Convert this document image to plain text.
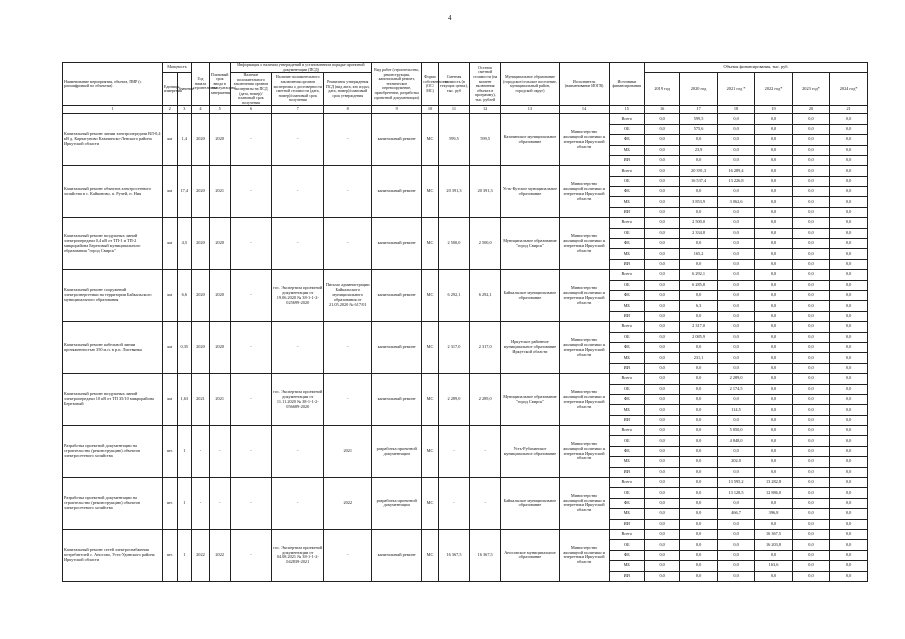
4
Наименование мероприятия, объекта, ПИР (с расшифровкой по объектам)	Мощность		Год начала строительства	Плановый срок ввода в эксплуатацию/завершения	Информация о наличии утверждений и установленном порядке проектной документации (ПСД)			Вид работ (строительство, реконструкция, капитальный ремонт, техническое перевооружение, приобретение, разработка проектной документации)	Форма собственности (ОС/МС)	Сметная стоимость (в текущих ценах), тыс. руб	Остаток сметной стоимости (на момент включения объекта в программу), тыс. рублей	Муниципальное образование (городское/сельское поселение, муниципальный район, городской округ)	Исполнитель (наименование ИОГВ)	Источники финансирования	Объемы финансирования, тыс. руб.					
	Единица измерения	Значение			Наличие положительного заключения органов экспертизы на ПСД (дата, номер)/плановый срок получения	Наличие положительного заключения органов экспертизы о достоверности сметной стоимости (дата, номер)/плановый срок получения	Реквизиты утверждения ПСД (вид акта, кто издал, дата, номер)/плановый срок утверждения								2019 год	2020 год	2021 год *	2022 год*	2023 год*	2024 год*

1	2	3	4	5	6	7	8	9	10	11	12	13	14	15	16	17	18	19	20	21
Капитальный ремонт линии электропередачи ВЛ-0,4 кВ д. Карчагуново Казачинско-Ленского района Иркутской области	км	1,4	2020	2020	-	-	-	капитальный ремонт	МС	599,5	599,5	Казачинское муниципальное образование	Министерство жилищной политики и энергетики Иркутской области	Всего	0,0	599,5	0,0	0,0	0,0	0,0
														ОБ	0,0	575,6	0,0	0,0	0,0	0,0
														ФБ	0,0	0,0	0,0	0,0	0,0	0,0
														МБ	0,0	23,9	0,0	0,0	0,0	0,0
														ИИ	0,0	0,0	0,0	0,0	0,0	0,0
Капитальный ремонт объектов электросетевого хозяйства в с. Кайконово, п. Ручей, п. Ния	км	17,4	2020	2021	-	-	-	капитальный ремонт	МС	20 391,3	20 391,3	Усть-Кутское муниципальное образование	Министерство жилищной политики и энергетики Иркутской области	Всего	0,0	20 391,3	16 289,4	0,0	0,0	0,0
														ОБ	0,0	16 537,4	13 226,8	0,0	0,0	0,0
														ФБ	0,0	0,0	0,0	0,0	0,0	0,0
														МБ	0,0	3 853,9	3 062,6	0,0	0,0	0,0
														ИИ	0,0	0,0	0,0	0,0	0,0	0,0
Капитальный ремонт воздушных линий электропередачи 0,4 кВ от ТП-1 и ТП-2 микрорайона Березовый муниципального образования "город Свирск"	км	4,5	2020	2020	-	-	-	капитальный ремонт	МС	2 500,0	2 500,0	Муниципальное образование "город Свирск"	Министерство жилищной политики и энергетики Иркутской области	Всего	0,0	2 500,0	0,0	0,0	0,0	0,0
														ОБ	0,0	2 334,8	0,0	0,0	0,0	0,0
														ФБ	0,0	0,0	0,0	0,0	0,0	0,0
														МБ	0,0	165,2	0,0	0,0	0,0	0,0
														ИИ	0,0	0,0	0,0	0,0	0,0	0,0
Капитальный ремонт сооружений электроэнергетики на территории Байкальского муниципального образования	км	6,6	2020	2020	-	гос. Экспертиза проектной документации от 19.06.2020 № 38-1-1-2-025699-2020	Письмо администрации Байкальского муниципального образования от 21.05.2020 № 617/01	капитальный ремонт	МС	6 292,1	6 292,1	Байкальское муниципальное образование	Министерство жилищной политики и энергетики Иркутской области	Всего	0,0	6 292,1	0,0	0,0	0,0	0,0
														ОБ	0,0	6 285,8	0,0	0,0	0,0	0,0
														ФБ	0,0	0,0	0,0	0,0	0,0	0,0
														МБ	0,0	6,3	0,0	0,0	0,0	0,0
														ИИ	0,0	0,0	0,0	0,0	0,0	0,0
Капитальный ремонт кабельной линии протяженностью 350 м.п. в р.п. Листвянка	км	0,35	2020	2020	-	-	-	капитальный ремонт	МС	2 317,0	2 317,0	Иркутское районное муниципальное образование Иркутской области	Министерство жилищной политики и энергетики Иркутской области	Всего	0,0	2 317,0	0,0	0,0	0,0	0,0
														ОБ	0,0	2 085,9	0,0	0,0	0,0	0,0
														ФБ	0,0	0,0	0,0	0,0	0,0	0,0
														МБ	0,0	231,1	0,0	0,0	0,0	0,0
														ИИ	0,0	0,0	0,0	0,0	0,0	0,0
Капитальный ремонт воздушных линий электропередачи 10 кВ от ТП 35/10 микрорайона Березовый	км	1,63	2021	2021	-	гос. Экспертиза проектной документации от 11.11.2020 № 38-1-1-2-056689-2020	-	капитальный ремонт	МС	2 289,0	2 289,0	Муниципальное образование "город Свирск"	Министерство жилищной политики и энергетики Иркутской области	Всего	0,0	0,0	2 289,0	0,0	0,0	0,0
														ОБ	0,0	0,0	2 174,5	0,0	0,0	0,0
														ФБ	0,0	0,0	0,0	0,0	0,0	0,0
														МБ	0,0	0,0	114,5	0,0	0,0	0,0
														ИИ	0,0	0,0	0,0	0,0	0,0	0,0
Разработка проектной документации на строительство (реконструкцию) объектов электросетевого хозяйства	шт.	1	-	-	-	-	2021	разработка проектной документации	МС	-	-	Усть-Рубахинское муниципальное образование	Министерство жилищной политики и энергетики Иркутской области	Всего	0,0	0,0	5 050,0	0,0	0,0	0,0
														ОБ	0,0	0,0	4 848,0	0,0	0,0	0,0
														ФБ	0,0	0,0	0,0	0,0	0,0	0,0
														МБ	0,0	0,0	202,0	0,0	0,0	0,0
														ИИ	0,0	0,0	0,0	0,0	0,0	0,0
Разработка проектной документации на строительство (реконструкцию) объектов электросетевого хозяйства	шт.	1	-	-	-	-	2022	разработка проектной документации	МС	-	-	Байкальское муниципальное образование	Министерство жилищной политики и энергетики Иркутской области	Всего	0,0	0,0	13 595,2	13 282,8	0,0	0,0
														ОБ	0,0	0,0	13 128,5	12 886,0	0,0	0,0
														ФБ	0,0	0,0	0,0	0,0	0,0	0,0
														МБ	0,0	0,0	466,7	396,8	0,0	0,0
														ИИ	0,0	0,0	0,0	0,0	0,0	0,0
Капитальный ремонт сетей электроснабжения потребителей с. Аносово, Усть-Удинского района Иркутской области	шт.	1	2022	2022	-	гос. Экспертиза проектной документации от 04.08.2021 № 38-1-1-2-042839-2021	-	капитальный ремонт	МС	16 367,5	16 367,5	Аносовское муниципальное образование	Министерство жилищной политики и энергетики Иркутской области	Всего	0,0	0,0	0,0	16 367,5	0,0	0,0
														ОБ	0,0	0,0	0,0	16 203,8	0,0	0,0
														ФБ	0,0	0,0	0,0	0,0	0,0	0,0
														МБ	0,0	0,0	0,0	163,6	0,0	0,0
														ИИ	0,0	0,0	0,0	0,0	0,0	0,0
